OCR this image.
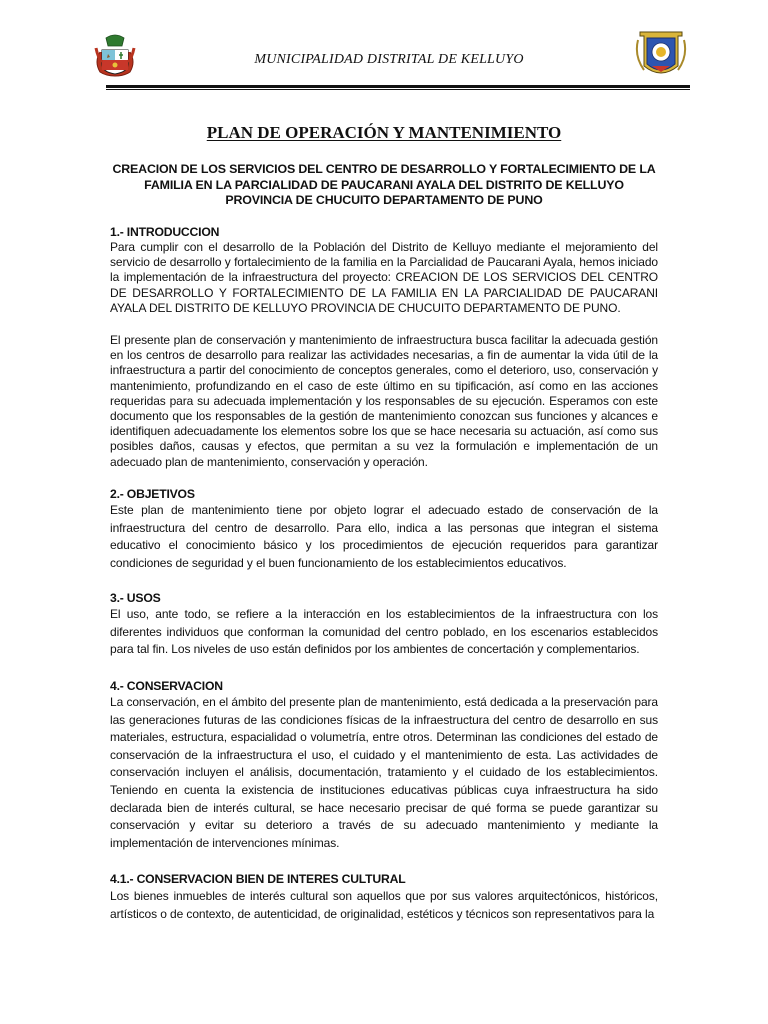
MUNICIPALIDAD DISTRITAL DE KELLUYO
PLAN DE OPERACIÓN Y MANTENIMIENTO
CREACION DE LOS SERVICIOS DEL CENTRO DE DESARROLLO Y FORTALECIMIENTO DE LA FAMILIA EN LA PARCIALIDAD DE PAUCARANI AYALA DEL DISTRITO DE KELLUYO PROVINCIA DE CHUCUITO DEPARTAMENTO DE PUNO
1.- INTRODUCCION
Para cumplir con el desarrollo de la Población del Distrito de Kelluyo mediante el mejoramiento del servicio de desarrollo y fortalecimiento de la familia en la Parcialidad de Paucarani Ayala, hemos iniciado la implementación de la infraestructura del proyecto: CREACION DE LOS SERVICIOS DEL CENTRO DE DESARROLLO Y FORTALECIMIENTO DE LA FAMILIA EN LA PARCIALIDAD DE PAUCARANI AYALA DEL DISTRITO DE KELLUYO PROVINCIA DE CHUCUITO DEPARTAMENTO DE PUNO.
El presente plan de conservación y mantenimiento de infraestructura busca facilitar la adecuada gestión en los centros de desarrollo para realizar las actividades necesarias, a fin de aumentar la vida útil de la infraestructura a partir del conocimiento de conceptos generales, como el deterioro, uso, conservación y mantenimiento, profundizando en el caso de este último en su tipificación, así como en las acciones requeridas para su adecuada implementación y los responsables de su ejecución. Esperamos con este documento que los responsables de la gestión de mantenimiento conozcan sus funciones y alcances e identifiquen adecuadamente los elementos sobre los que se hace necesaria su actuación, así como sus posibles daños, causas y efectos, que permitan a su vez la formulación e implementación de un adecuado plan de mantenimiento, conservación y operación.
2.- OBJETIVOS
Este plan de mantenimiento tiene por objeto lograr el adecuado estado de conservación de la infraestructura del centro de desarrollo. Para ello, indica a las personas que integran el sistema educativo el conocimiento básico y los procedimientos de ejecución requeridos para garantizar condiciones de seguridad y el buen funcionamiento de los establecimientos educativos.
3.- USOS
El uso, ante todo, se refiere a la interacción en los establecimientos de la infraestructura con los diferentes individuos que conforman la comunidad del centro poblado, en los escenarios establecidos para tal fin. Los niveles de uso están definidos por los ambientes de concertación y complementarios.
4.- CONSERVACION
La conservación, en el ámbito del presente plan de mantenimiento, está dedicada a la preservación para las generaciones futuras de las condiciones físicas de la infraestructura del centro de desarrollo en sus materiales, estructura, espacialidad o volumetría, entre otros. Determinan las condiciones del estado de conservación de la infraestructura el uso, el cuidado y el mantenimiento de esta. Las actividades de conservación incluyen el análisis, documentación, tratamiento y el cuidado de los establecimientos. Teniendo en cuenta la existencia de instituciones educativas públicas cuya infraestructura ha sido declarada bien de interés cultural, se hace necesario precisar de qué forma se puede garantizar su conservación y evitar su deterioro a través de su adecuado mantenimiento y mediante la implementación de intervenciones mínimas.
4.1.- CONSERVACION BIEN DE INTERES CULTURAL
Los bienes inmuebles de interés cultural son aquellos que por sus valores arquitectónicos, históricos, artísticos o de contexto, de autenticidad, de originalidad, estéticos y técnicos son representativos para la
